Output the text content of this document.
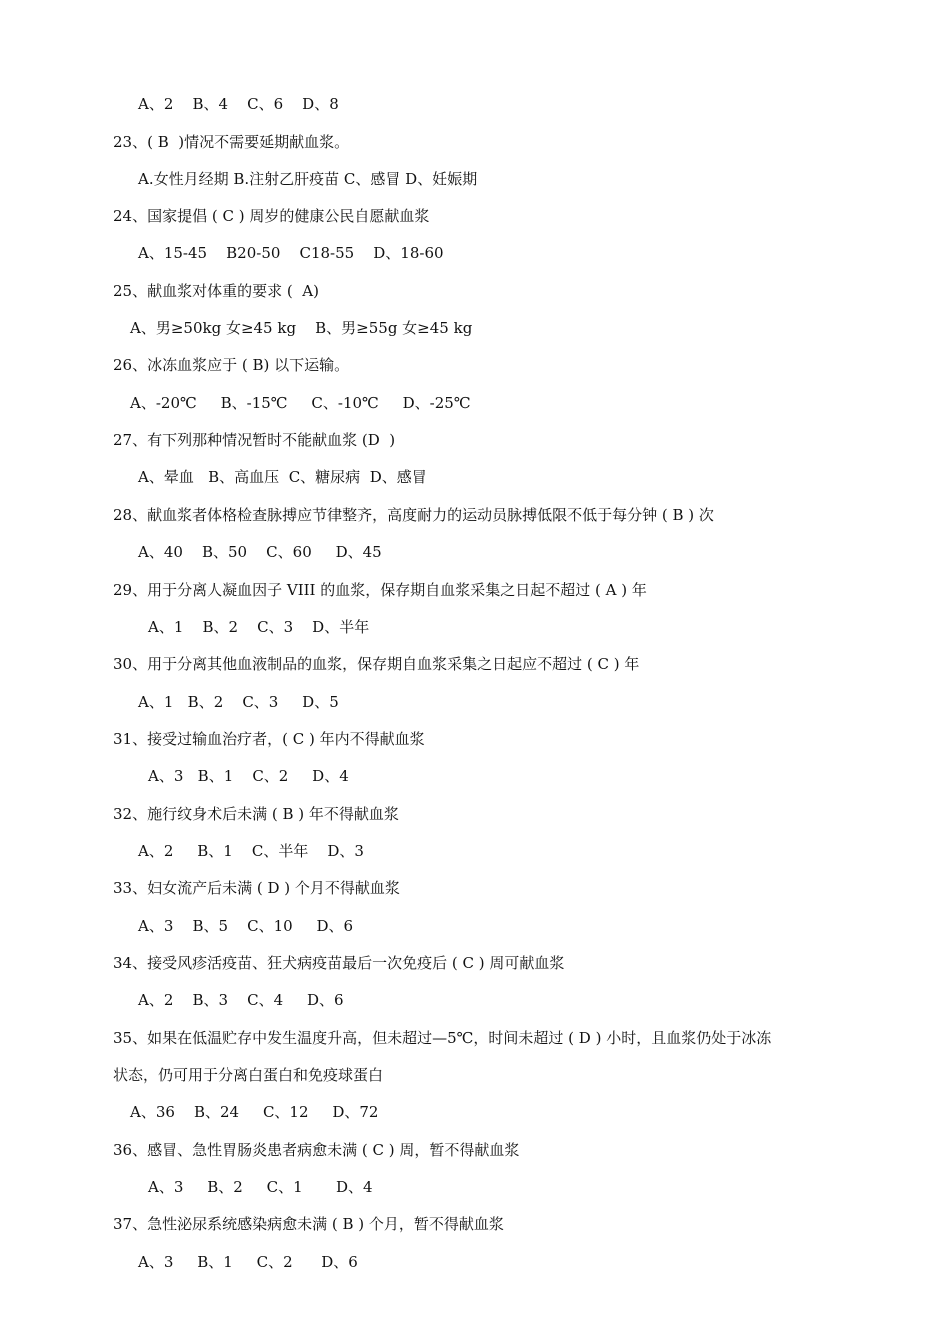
A、2    B、4    C、6    D、8
23、( B  )情况不需要延期献血浆。
A.女性月经期 B.注射乙肝疫苗 C、感冒 D、妊娠期
24、国家提倡 ( C ) 周岁的健康公民自愿献血浆
A、15-45    B20-50    C18-55    D、18-60
25、献血浆对体重的要求 (  A)
A、男≥50kg 女≥45 kg    B、男≥55g 女≥45 kg
26、冰冻血浆应于 ( B) 以下运输。
A、-20℃     B、-15℃     C、-10℃     D、-25℃
27、有下列那种情况暂时不能献血浆 (D  )
A、晕血   B、高血压  C、糖尿病  D、感冒
28、献血浆者体格检查脉搏应节律整齐，高度耐力的运动员脉搏低限不低于每分钟 ( B ) 次
A、40    B、50    C、60     D、45
29、用于分离人凝血因子 VIII 的血浆，保存期自血浆采集之日起不超过 ( A ) 年
A、1    B、2    C、3    D、半年
30、用于分离其他血液制品的血浆，保存期自血浆采集之日起应不超过 ( C ) 年
A、1   B、2    C、3     D、5
31、接受过输血治疗者，( C ) 年内不得献血浆
A、3   B、1    C、2     D、4
32、施行纹身术后未满 ( B ) 年不得献血浆
A、2     B、1    C、半年    D、3
33、妇女流产后未满 ( D ) 个月不得献血浆
A、3    B、5    C、10     D、6
34、接受风疹活疫苗、狂犬病疫苗最后一次免疫后 ( C ) 周可献血浆
A、2    B、3    C、4     D、6
35、如果在低温贮存中发生温度升高，但未超过—5℃，时间未超过 ( D ) 小时，且血浆仍处于冰冻
状态，仍可用于分离白蛋白和免疫球蛋白
A、36    B、24     C、12     D、72
36、感冒、急性胃肠炎患者病愈未满 ( C ) 周，暂不得献血浆
A、3     B、2     C、1       D、4
37、急性泌尿系统感染病愈未满 ( B ) 个月，暂不得献血浆
A、3     B、1     C、2      D、6
